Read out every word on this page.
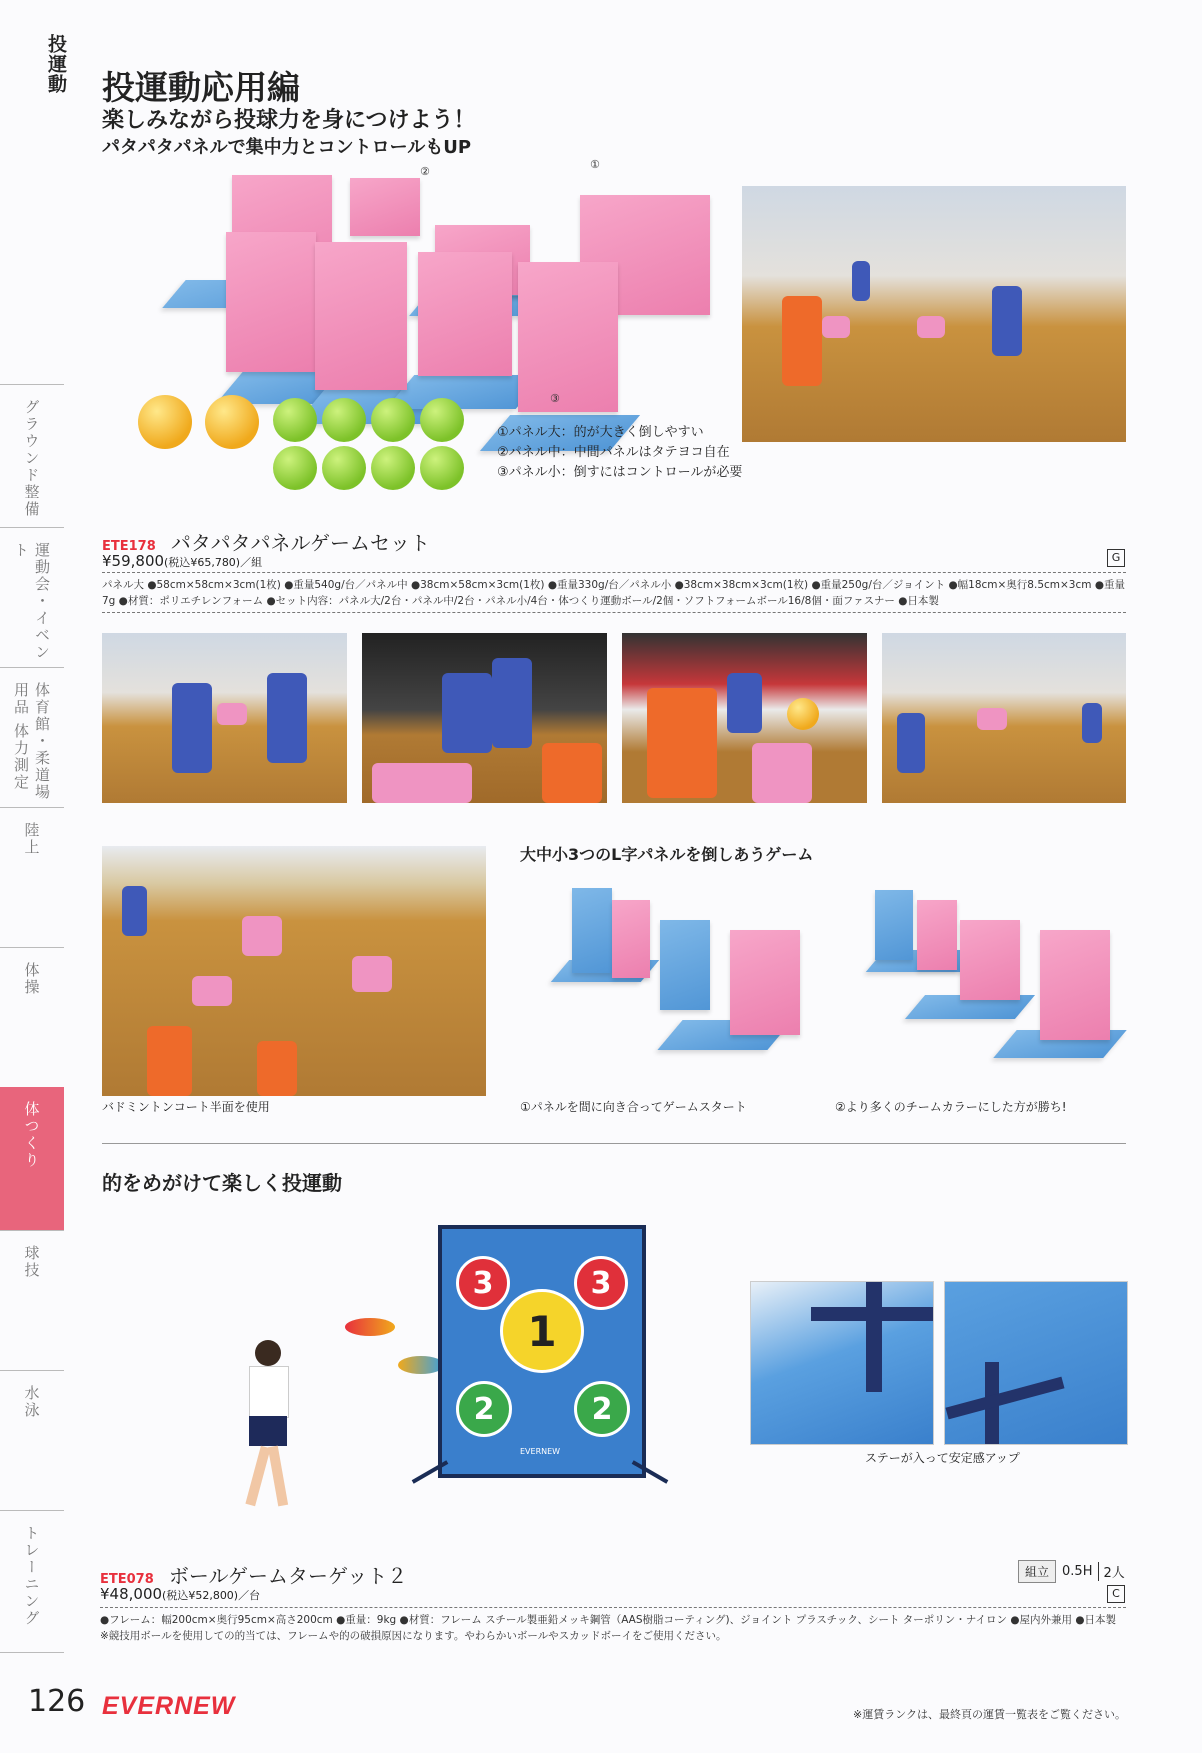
投運動
グラウンド整備
運動会・イベント
体育館・柔道場用品 体力測定
陸上
体操
体つくり
球技
水泳
トレーニング
投運動応用編
楽しみながら投球力を身につけよう！
パタパタパネルで集中力とコントロールもUP
②
①
③
①パネル大：的が大きく倒しやすい
②パネル中：中間パネルはタテヨコ自在
③パネル小：倒すにはコントロールが必要
ETE178 パタパタパネルゲームセット
¥59,800(税込¥65,780)／組	G
パネル大 ●58cm×58cm×3cm(1枚) ●重量540g/台／パネル中 ●38cm×58cm×3cm(1枚) ●重量330g/台／パネル小 ●38cm×38cm×3cm(1枚) ●重量250g/台／ジョイント ●幅18cm×奥行8.5cm×3cm ●重量7g ●材質：ポリエチレンフォーム ●セット内容：パネル大/2台・パネル中/2台・パネル小/4台・体つくり運動ボール/2個・ソフトフォームボール16/8個・面ファスナー ●日本製
バドミントンコート半面を使用
大中小3つのL字パネルを倒しあうゲーム
①パネルを間に向き合ってゲームスタート	②より多くのチームカラーにした方が勝ち!
的をめがけて楽しく投運動
3	3
1
2	2
EVERNEW	ステーが入って安定感アップ
ETE078 ボールゲームターゲット２	組立	0.5H 2人
¥48,000(税込¥52,800)／台	C
●フレーム：幅200cm×奥行95cm×高さ200cm ●重量：9kg ●材質：フレーム スチール製亜鉛メッキ鋼管（AAS樹脂コーティング)、ジョイント プラスチック、シート ターポリン・ナイロン ●屋内外兼用 ●日本製
※競技用ボールを使用しての的当ては、フレームや的の破損原因になります。やわらかいボールやスカッドボーイをご使用ください。
126 EVERNEW	※運賃ランクは、最終頁の運賃一覧表をご覧ください。
